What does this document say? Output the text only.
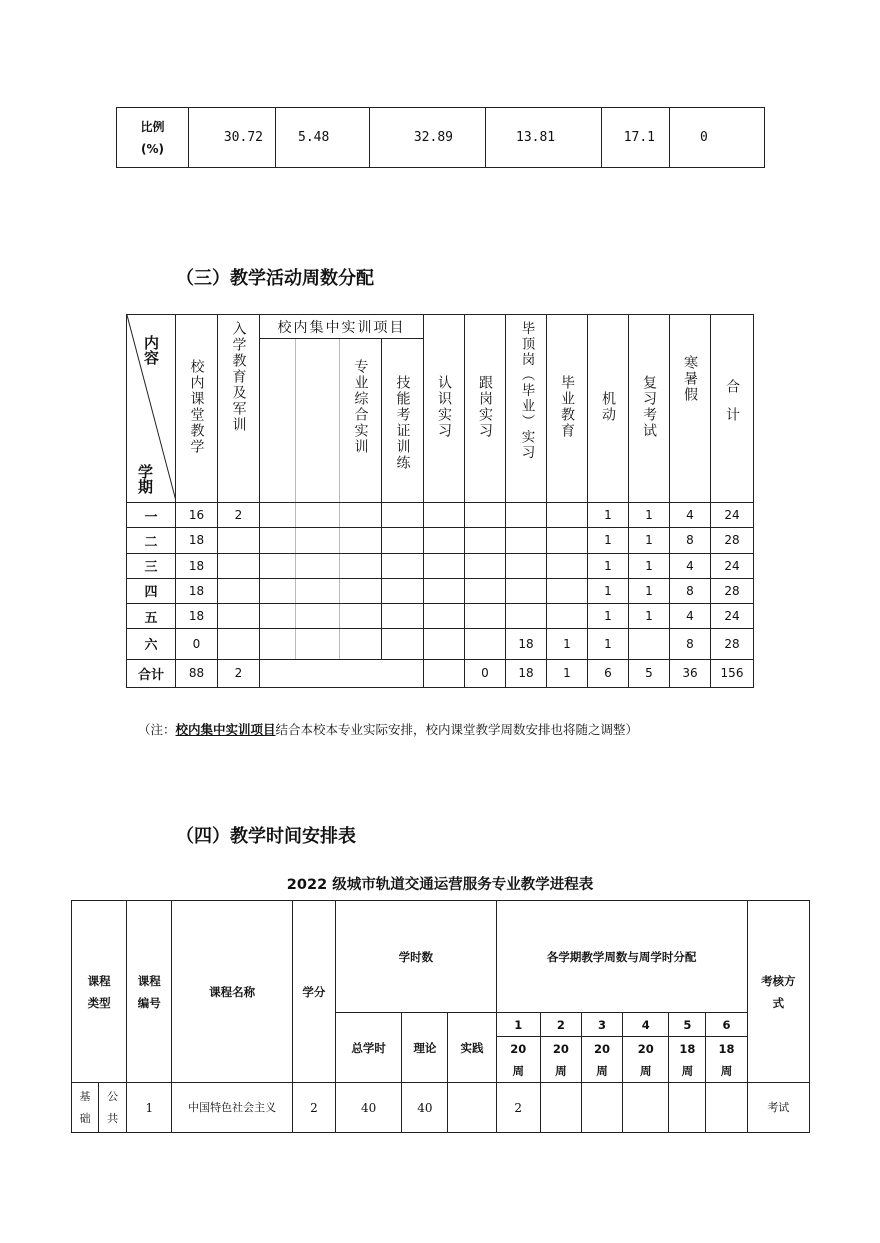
比例
(%)
	30.72	5.48	32.89	13.81	17.1	0
（三）教学活动周数分配
内容
学期	校内课堂教学	入学教育及军训	校内集中实训项目				认识实习	跟岗实习	毕顶岗（毕业）实习	毕业教育	机动	复习考试	寒暑假	合计
					专业综合实训	技能考证训练								
一	16	2									1	1	4	24
二	18										1	1	8	28
三	18										1	1	4	24
四	18										1	1	8	28
五	18										1	1	4	24
六	0								18	1	1		8	28
合计	88	2						0	18	1	6	5	36	156
（注：校内集中实训项目结合本校本专业实际安排，校内课堂教学周数安排也将随之调整）
（四）教学时间安排表
2022 级城市轨道交通运营服务专业教学进程表
课程类型		课程编号	课程名称	学分	学时数			各学期教学周数与周学时分配						考核方式

					总学时	理论	实践	1	2	3	4	5	6	

								20周	20周	20周	20周	18周	18周	

基础	公共	1	中国特色社会主义	2	40	40		2						考试
